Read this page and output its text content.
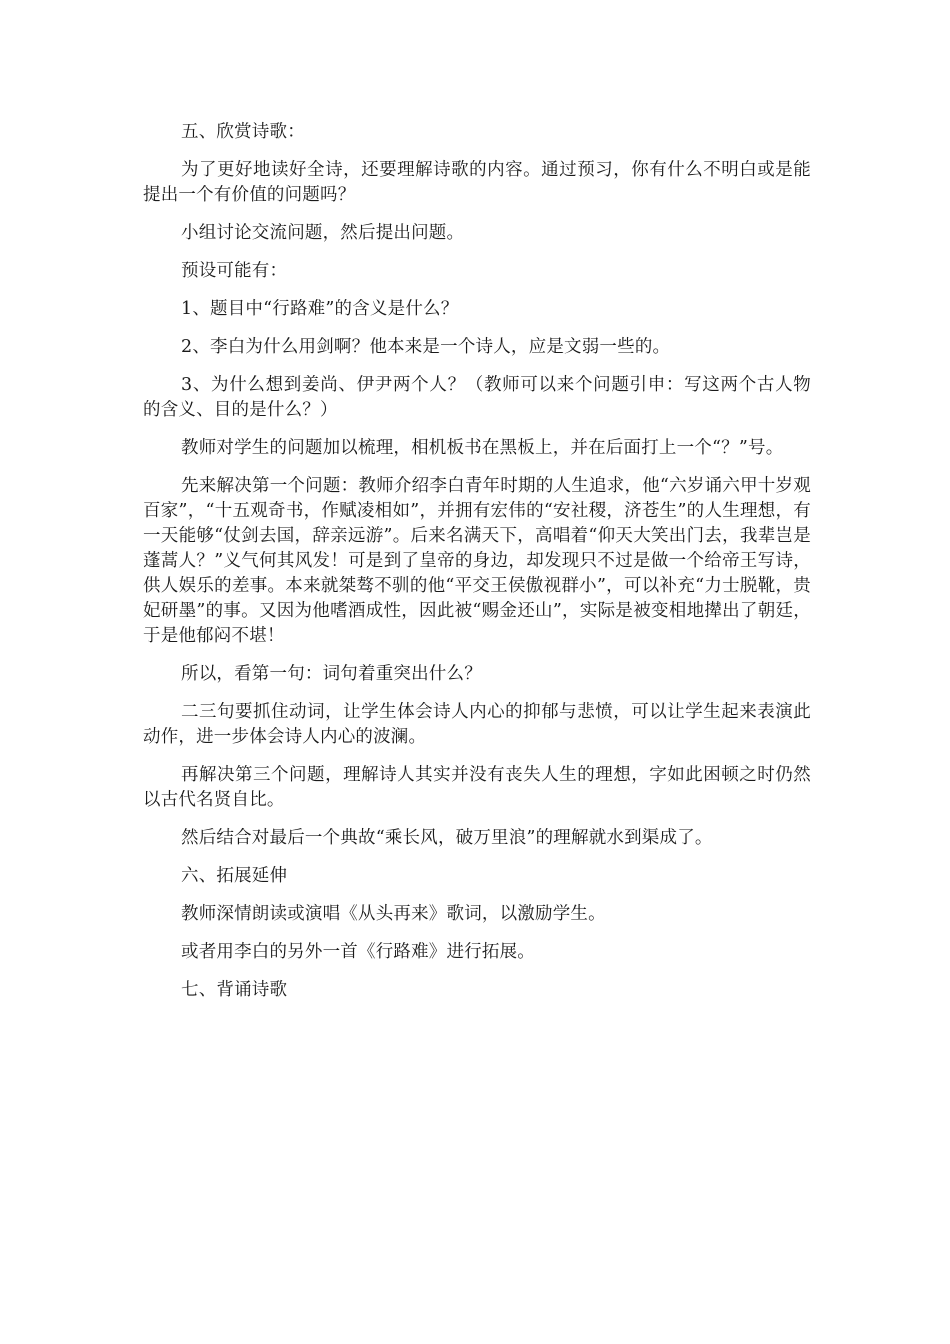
五、欣赏诗歌：

为了更好地读好全诗，还要理解诗歌的内容。通过预习，你有什么不明白或是能提出一个有价值的问题吗？

小组讨论交流问题，然后提出问题。

预设可能有：

1、题目中“行路难”的含义是什么？

2、李白为什么用剑啊？他本来是一个诗人，应是文弱一些的。

3、为什么想到姜尚、伊尹两个人？（教师可以来个问题引申：写这两个古人物的含义、目的是什么？）

教师对学生的问题加以梳理，相机板书在黑板上，并在后面打上一个“？”号。

先来解决第一个问题：教师介绍李白青年时期的人生追求，他“六岁诵六甲十岁观百家”，“十五观奇书，作赋凌相如”，并拥有宏伟的“安社稷，济苍生”的人生理想，有一天能够“仗剑去国，辞亲远游”。后来名满天下，高唱着“仰天大笑出门去，我辈岂是蓬蒿人？”义气何其风发！可是到了皇帝的身边，却发现只不过是做一个给帝王写诗，供人娱乐的差事。本来就桀骜不驯的他“平交王侯傲视群小”，可以补充“力士脱靴，贵妃研墨”的事。又因为他嗜酒成性，因此被“赐金还山”，实际是被变相地撵出了朝廷，于是他郁闷不堪！

所以，看第一句：词句着重突出什么？

二三句要抓住动词，让学生体会诗人内心的抑郁与悲愤，可以让学生起来表演此动作，进一步体会诗人内心的波澜。

再解决第三个问题，理解诗人其实并没有丧失人生的理想，字如此困顿之时仍然以古代名贤自比。

然后结合对最后一个典故“乘长风，破万里浪”的理解就水到渠成了。

六、拓展延伸

教师深情朗读或演唱《从头再来》歌词，以激励学生。

或者用李白的另外一首《行路难》进行拓展。

七、背诵诗歌
